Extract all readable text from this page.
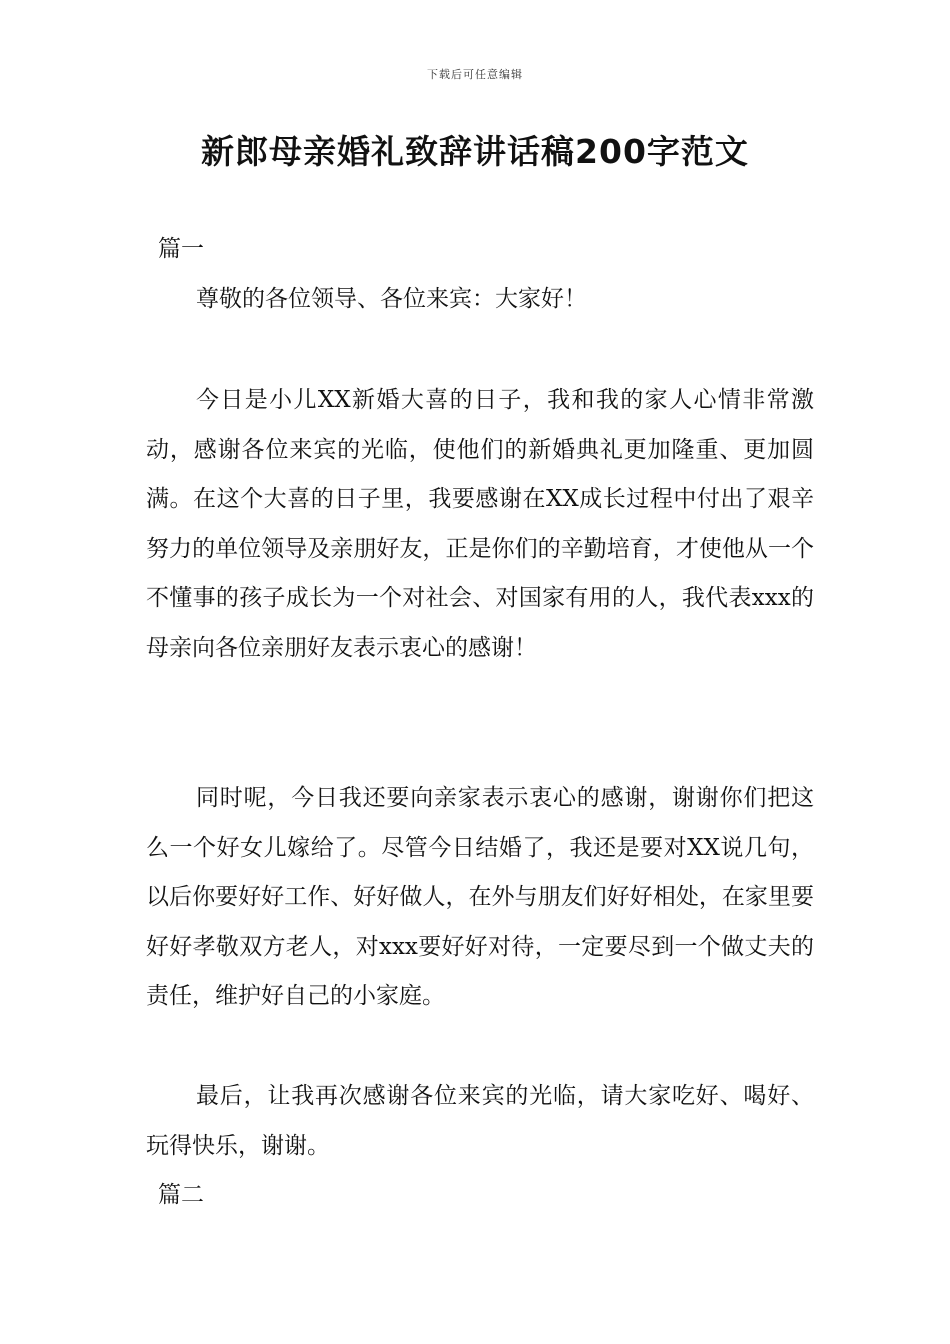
下载后可任意编辑
新郎母亲婚礼致辞讲话稿200字范文
篇一
尊敬的各位领导、各位来宾：大家好！

今日是小儿XX新婚大喜的日子，我和我的家人心情非常激动，感谢各位来宾的光临，使他们的新婚典礼更加隆重、更加圆满。在这个大喜的日子里，我要感谢在XX成长过程中付出了艰辛努力的单位领导及亲朋好友，正是你们的辛勤培育，才使他从一个不懂事的孩子成长为一个对社会、对国家有用的人，我代表xxx的母亲向各位亲朋好友表示衷心的感谢！

同时呢，今日我还要向亲家表示衷心的感谢，谢谢你们把这么一个好女儿嫁给了。尽管今日结婚了，我还是要对XX说几句，以后你要好好工作、好好做人，在外与朋友们好好相处，在家里要好好孝敬双方老人，对xxx要好好对待，一定要尽到一个做丈夫的责任，维护好自己的小家庭。

最后，让我再次感谢各位来宾的光临，请大家吃好、喝好、玩得快乐，谢谢。

篇二
